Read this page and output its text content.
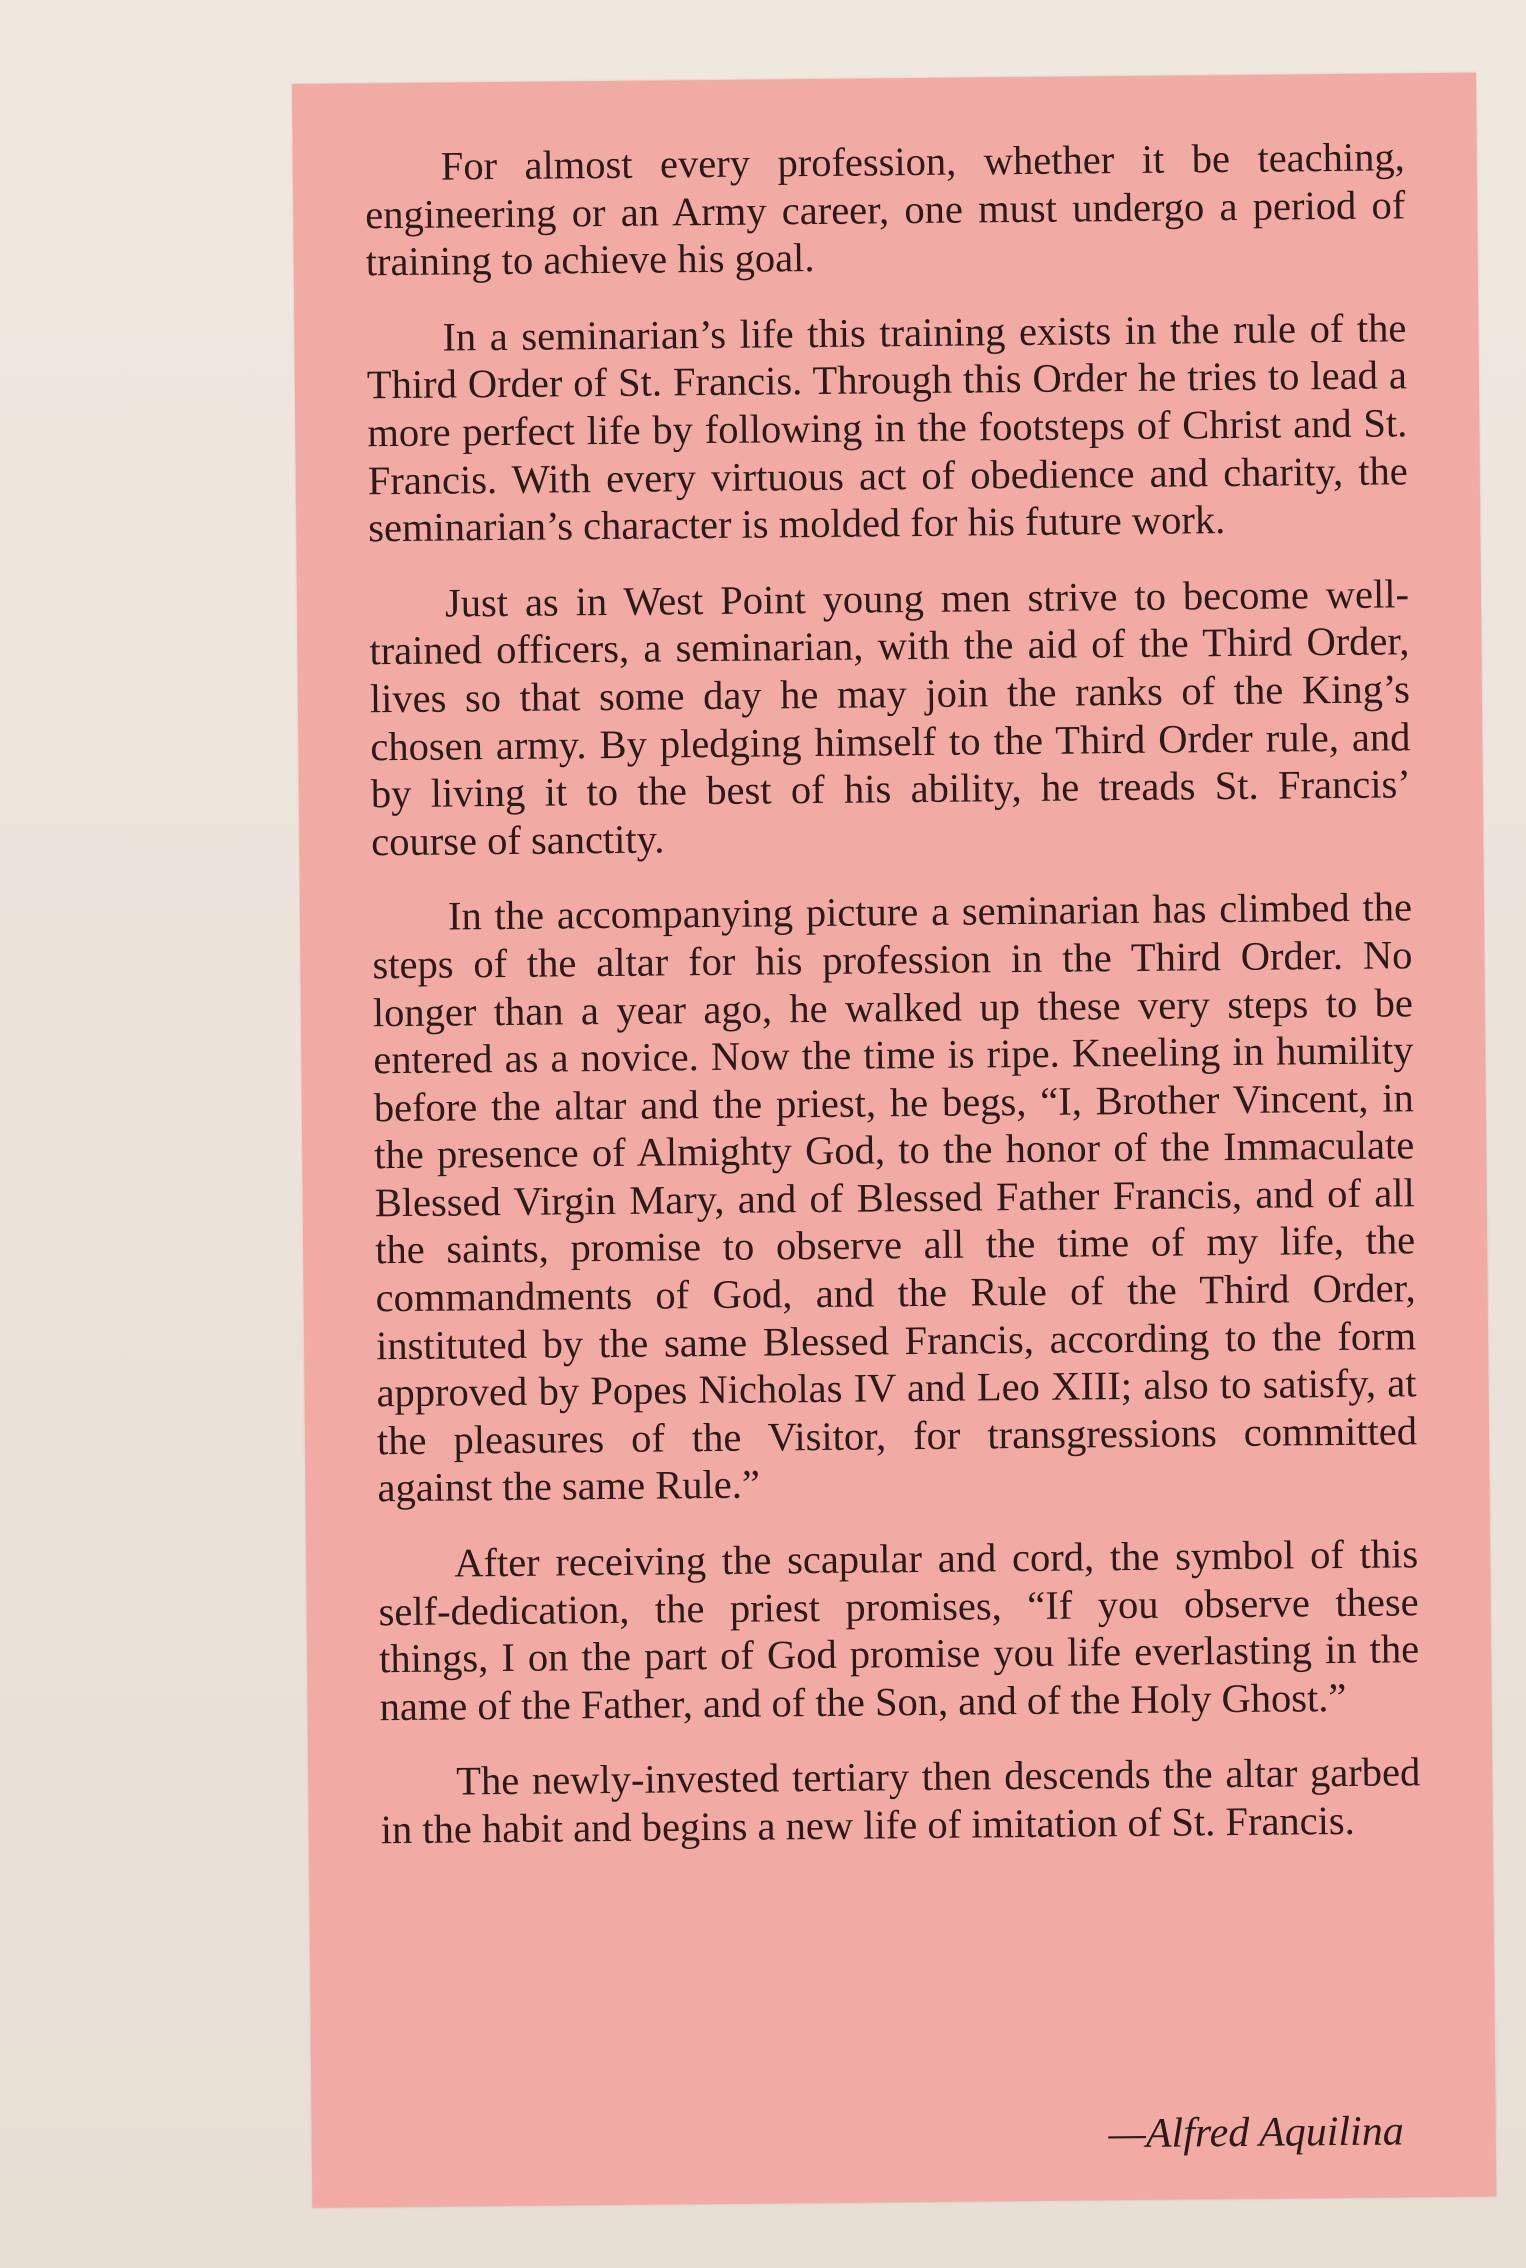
For almost every profession, whether it be teaching, engineering or an Army career, one must undergo a period of training to achieve his goal.

In a seminarian’s life this training exists in the rule of the Third Order of St. Francis. Through this Order he tries to lead a more perfect life by following in the footsteps of Christ and St. Francis. With every virtuous act of obedience and charity, the seminarian’s character is molded for his future work.

Just as in West Point young men strive to become well-trained officers, a seminarian, with the aid of the Third Order, lives so that some day he may join the ranks of the King’s chosen army. By pledging himself to the Third Order rule, and by living it to the best of his ability, he treads St. Francis’ course of sanctity.

In the accompanying picture a seminarian has climbed the steps of the altar for his profession in the Third Order. No longer than a year ago, he walked up these very steps to be entered as a novice. Now the time is ripe. Kneeling in humility before the altar and the priest, he begs, “I, Brother Vincent, in the presence of Almighty God, to the honor of the Immaculate Blessed Virgin Mary, and of Blessed Father Francis, and of all the saints, promise to observe all the time of my life, the commandments of God, and the Rule of the Third Order, instituted by the same Blessed Francis, according to the form approved by Popes Nicholas IV and Leo XIII; also to satisfy, at the pleasures of the Visitor, for transgressions committed against the same Rule.”

After receiving the scapular and cord, the symbol of this self-dedication, the priest promises, “If you observe these things, I on the part of God promise you life everlasting in the name of the Father, and of the Son, and of the Holy Ghost.”

The newly-invested tertiary then descends the altar garbed in the habit and begins a new life of imitation of St. Francis.

—Alfred Aquilina
